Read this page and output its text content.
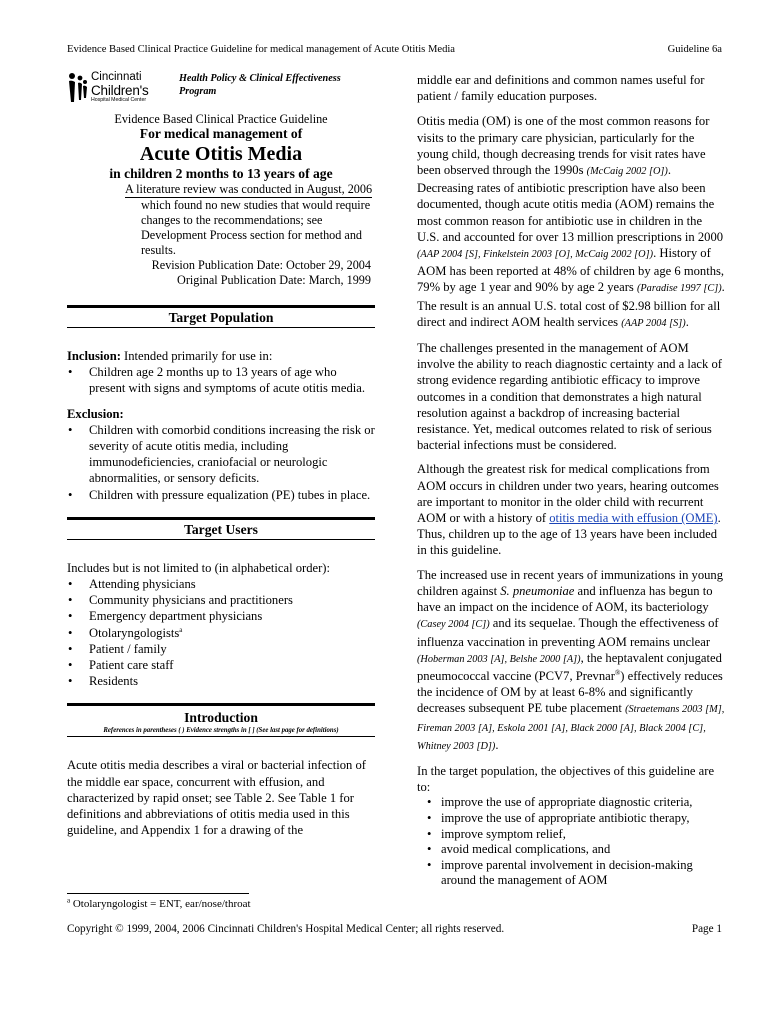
Evidence Based Clinical Practice Guideline for medical management of Acute Otitis Media	Guideline 6a
Cincinnati
Children's
Hospital Medical Center
Health Policy & Clinical Effectiveness Program
Evidence Based Clinical Practice Guideline
For medical management of
Acute Otitis Media
in children 2 months to 13 years of age
A literature review was conducted in August, 2006
which found no new studies that would require changes to the recommendations; see Development Process section for method and results.
Revision Publication Date: October 29, 2004
Original Publication Date: March, 1999
Target Population
Inclusion: Intended primarily for use in:
• Children age 2 months up to 13 years of age who present with signs and symptoms of acute otitis media.
Exclusion:
• Children with comorbid conditions increasing the risk or severity of acute otitis media, including immunodeficiencies, craniofacial or neurologic abnormalities, or sensory deficits.
• Children with pressure equalization (PE) tubes in place.
Target Users
Includes but is not limited to (in alphabetical order):
• Attending physicians
• Community physicians and practitioners
• Emergency department physicians
• Otolaryngologists$^a$
• Patient / family
• Patient care staff
• Residents
Introduction
References in parentheses ( ) Evidence strengths in [ ] (See last page for definitions)
Acute otitis media describes a viral or bacterial infection of the middle ear space, concurrent with effusion, and characterized by rapid onset; see Table 2. See Table 1 for definitions and abbreviations of otitis media used in this guideline, and Appendix 1 for a drawing of the
middle ear and definitions and common names useful for patient / family education purposes.
Otitis media (OM) is one of the most common reasons for visits to the primary care physician, particularly for the young child, though decreasing trends for visit rates have been observed through the 1990s (McCaig 2002 [O]). Decreasing rates of antibiotic prescription have also been documented, though acute otitis media (AOM) remains the most common reason for antibiotic use in children in the U.S. and accounted for over 13 million prescriptions in 2000 (AAP 2004 [S], Finkelstein 2003 [O], McCaig 2002 [O]). History of AOM has been reported at 48% of children by age 6 months, 79% by age 1 year and 90% by age 2 years (Paradise 1997 [C]). The result is an annual U.S. total cost of $2.98 billion for all direct and indirect AOM health services (AAP 2004 [S]).
The challenges presented in the management of AOM involve the ability to reach diagnostic certainty and a lack of strong evidence regarding antibiotic efficacy to improve outcomes in a condition that demonstrates a high natural resolution against a backdrop of increasing bacterial resistance. Yet, medical outcomes related to risk of serious bacterial infections must be considered.
Although the greatest risk for medical complications from AOM occurs in children under two years, hearing outcomes are important to monitor in the older child with recurrent AOM or with a history of otitis media with effusion (OME). Thus, children up to the age of 13 years have been included in this guideline.
The increased use in recent years of immunizations in young children against S. pneumoniae and influenza has begun to have an impact on the incidence of AOM, its bacteriology (Casey 2004 [C]) and its sequelae. Though the effectiveness of influenza vaccination in preventing AOM remains unclear (Hoberman 2003 [A], Belshe 2000 [A]), the heptavalent conjugated pneumococcal vaccine (PCV7, Prevnar®) effectively reduces the incidence of OM by at least 6-8% and significantly decreases subsequent PE tube placement (Straetemans 2003 [M], Fireman 2003 [A], Eskola 2001 [A], Black 2000 [A], Black 2004 [C], Whitney 2003 [D]).
In the target population, the objectives of this guideline are to:
• improve the use of appropriate diagnostic criteria,
• improve the use of appropriate antibiotic therapy,
• improve symptom relief,
• avoid medical complications, and
• improve parental involvement in decision-making around the management of AOM
$^a$ Otolaryngologist = ENT, ear/nose/throat
Copyright © 1999, 2004, 2006 Cincinnati Children's Hospital Medical Center; all rights reserved.	Page 1
